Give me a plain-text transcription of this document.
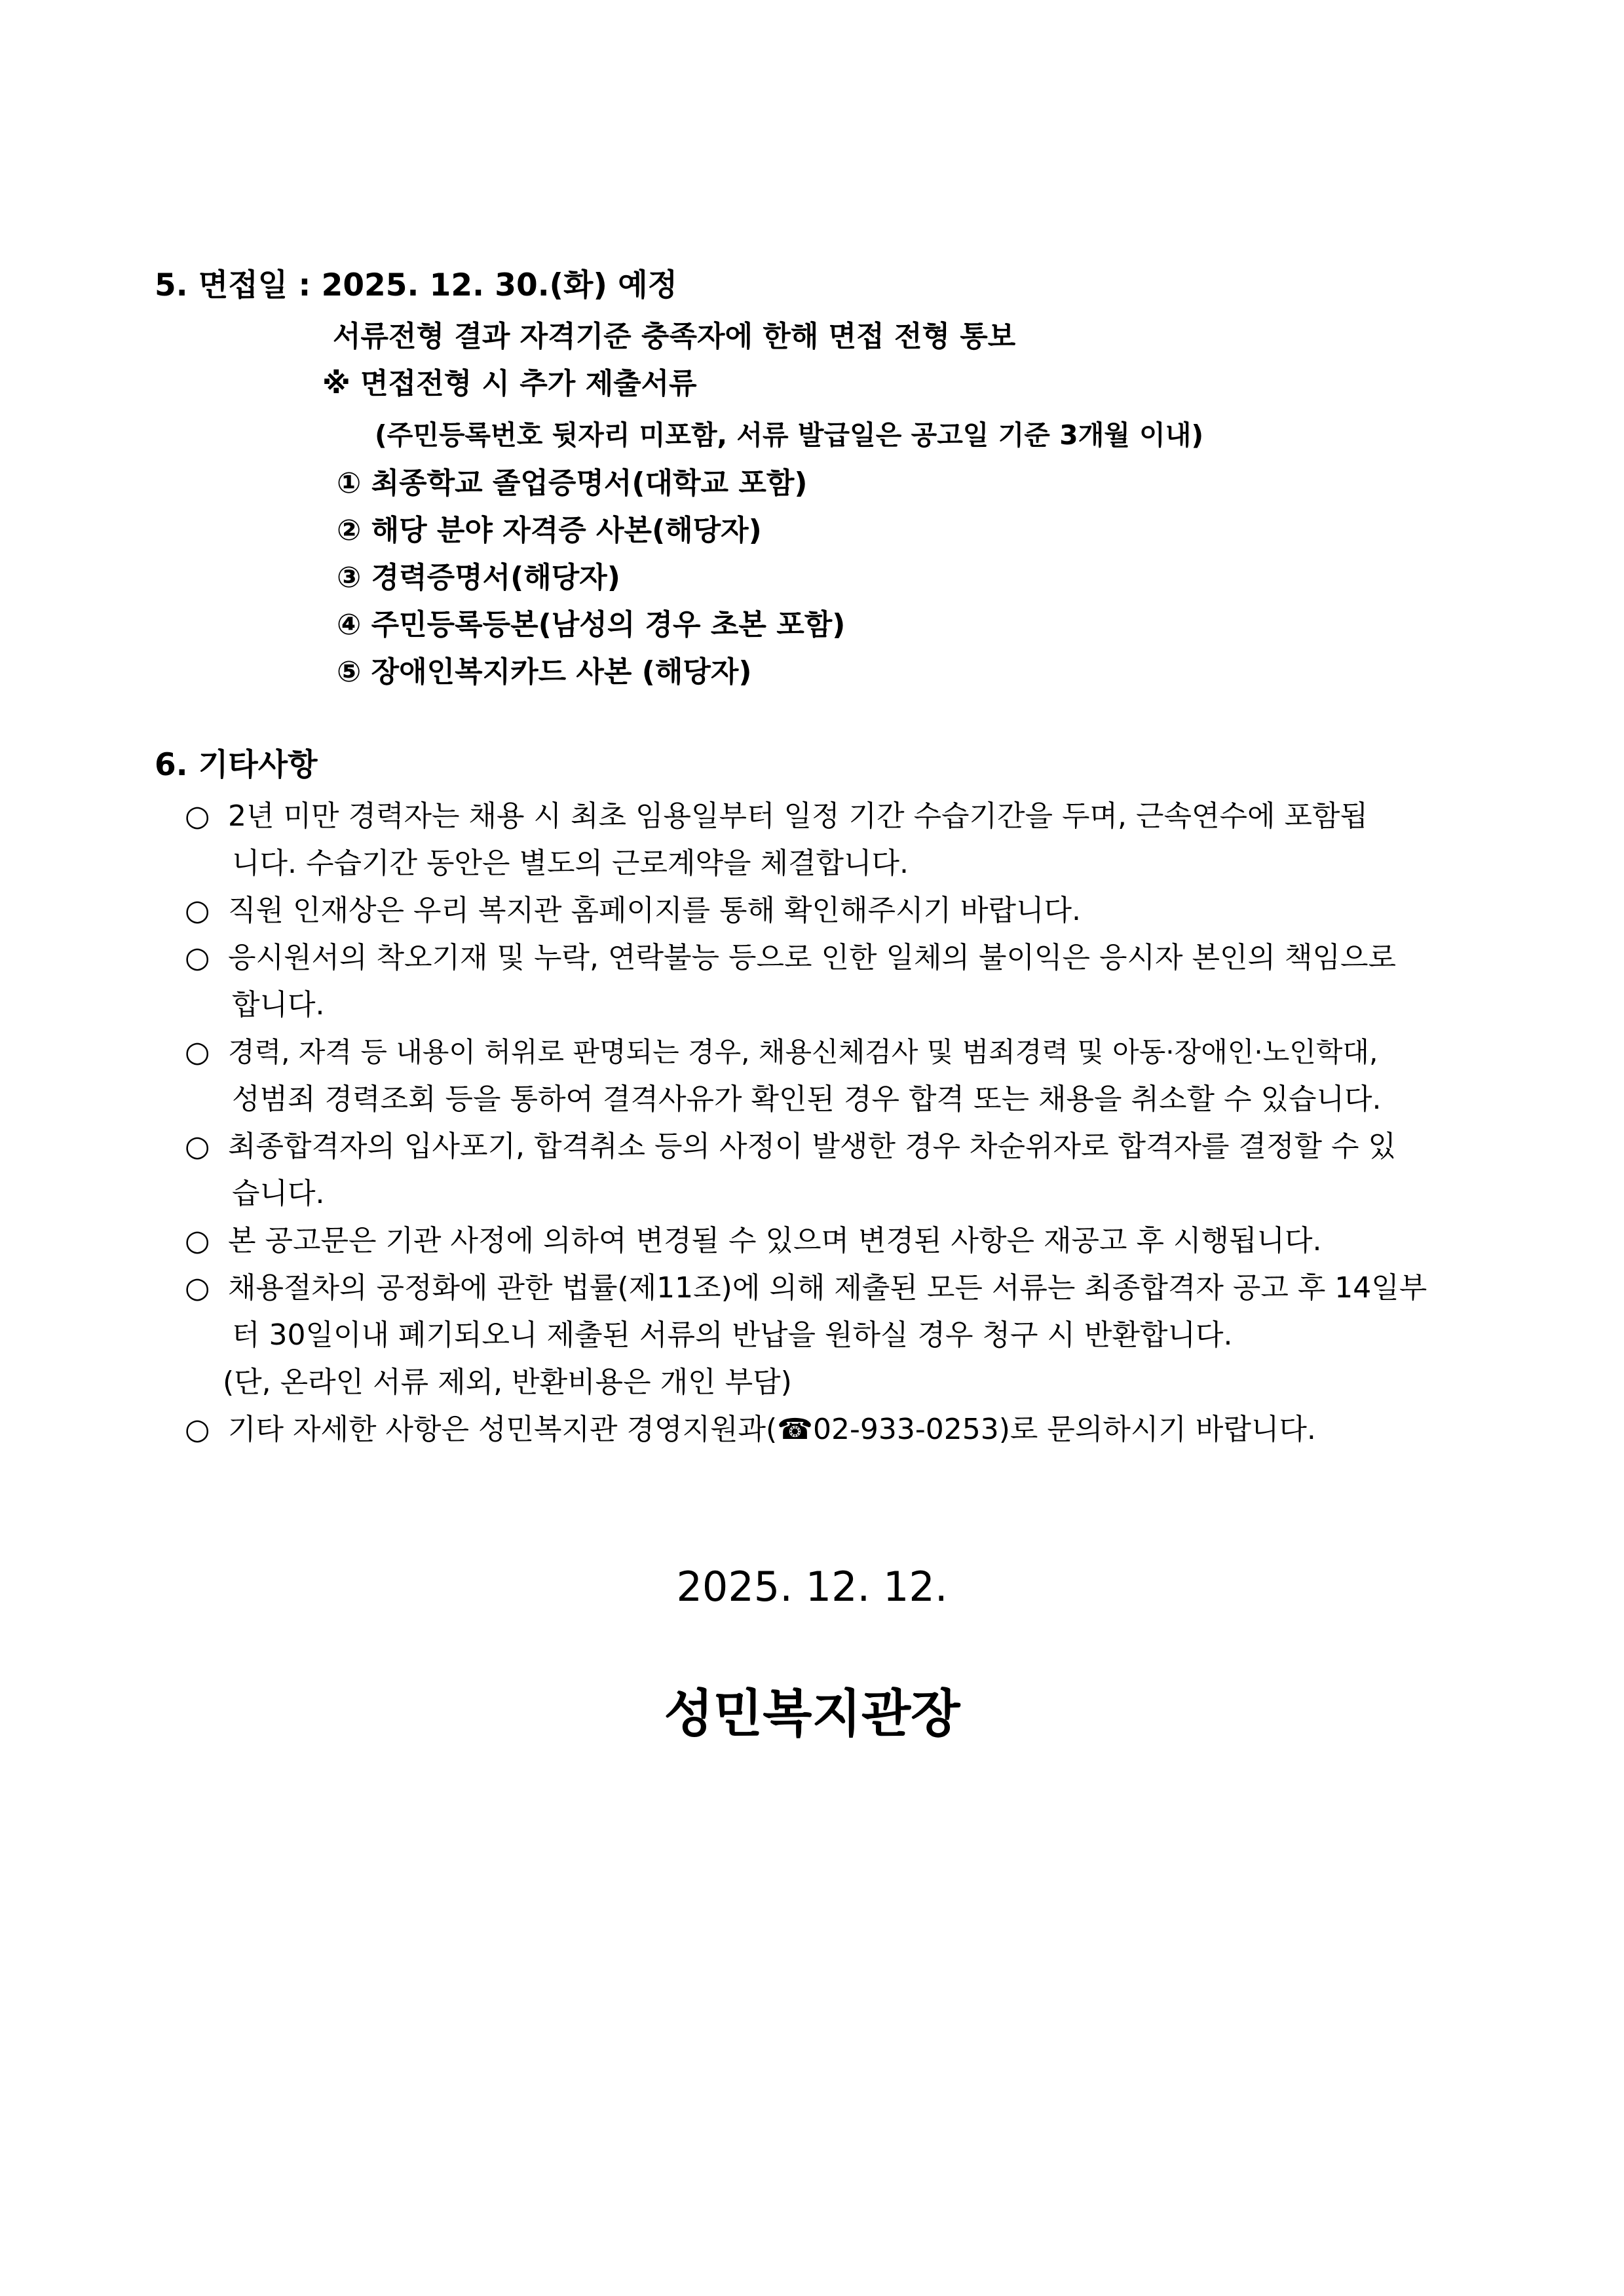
5. 면접일 : 2025. 12. 30.(화) 예정
서류전형 결과 자격기준 충족자에 한해 면접 전형 통보
※ 면접전형 시 추가 제출서류
(주민등록번호 뒷자리 미포함, 서류 발급일은 공고일 기준 3개월 이내)
① 최종학교 졸업증명서(대학교 포함)
② 해당 분야 자격증 사본(해당자)
③ 경력증명서(해당자)
④ 주민등록등본(남성의 경우 초본 포함)
⑤ 장애인복지카드 사본 (해당자)
6. 기타사항
○ 2년 미만 경력자는 채용 시 최초 임용일부터 일정 기간 수습기간을 두며, 근속연수에 포함됩
니다. 수습기간 동안은 별도의 근로계약을 체결합니다.
○ 직원 인재상은 우리 복지관 홈페이지를 통해 확인해주시기 바랍니다.
○ 응시원서의 착오기재 및 누락, 연락불능 등으로 인한 일체의 불이익은 응시자 본인의 책임으로
합니다.
○ 경력, 자격 등 내용이 허위로 판명되는 경우, 채용신체검사 및 범죄경력 및 아동·장애인·노인학대,
성범죄 경력조회 등을 통하여 결격사유가 확인된 경우 합격 또는 채용을 취소할 수 있습니다.
○ 최종합격자의 입사포기, 합격취소 등의 사정이 발생한 경우 차순위자로 합격자를 결정할 수 있
습니다.
○ 본 공고문은 기관 사정에 의하여 변경될 수 있으며 변경된 사항은 재공고 후 시행됩니다.
○ 채용절차의 공정화에 관한 법률(제11조)에 의해 제출된 모든 서류는 최종합격자 공고 후 14일부
터 30일이내 폐기되오니 제출된 서류의 반납을 원하실 경우 청구 시 반환합니다.
(단, 온라인 서류 제외, 반환비용은 개인 부담)
○ 기타 자세한 사항은 성민복지관 경영지원과(☎02-933-0253)로 문의하시기 바랍니다.
2025. 12. 12.
성민복지관장
